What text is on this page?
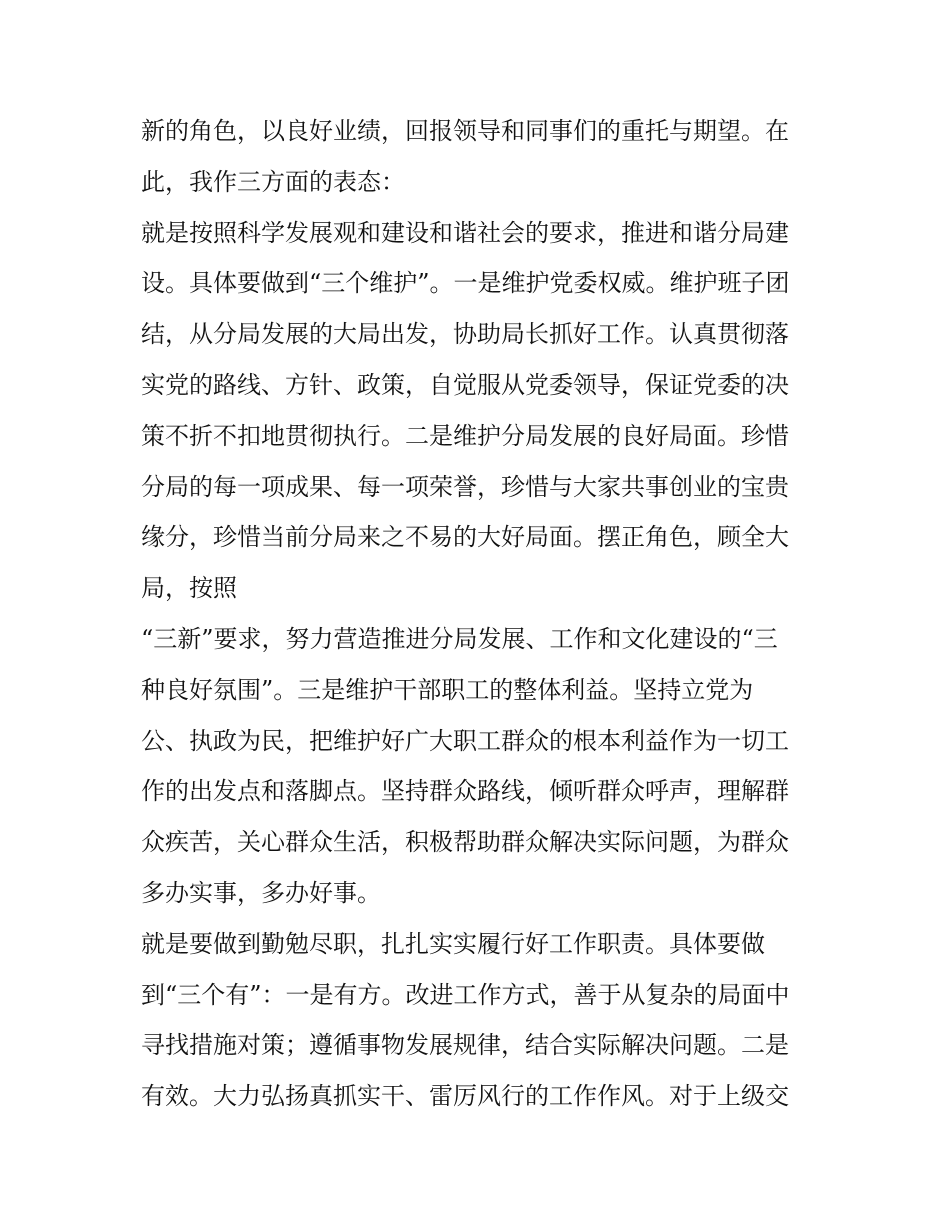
新的角色，以良好业绩，回报领导和同事们的重托与期望。在
此，我作三方面的表态：
就是按照科学发展观和建设和谐社会的要求，推进和谐分局建
设。具体要做到“三个维护”。一是维护党委权威。维护班子团
结，从分局发展的大局出发，协助局长抓好工作。认真贯彻落
实党的路线、方针、政策，自觉服从党委领导，保证党委的决
策不折不扣地贯彻执行。二是维护分局发展的良好局面。珍惜
分局的每一项成果、每一项荣誉，珍惜与大家共事创业的宝贵
缘分，珍惜当前分局来之不易的大好局面。摆正角色，顾全大
局，按照
“三新”要求，努力营造推进分局发展、工作和文化建设的“三
种良好氛围”。三是维护干部职工的整体利益。坚持立党为
公、执政为民，把维护好广大职工群众的根本利益作为一切工
作的出发点和落脚点。坚持群众路线，倾听群众呼声，理解群
众疾苦，关心群众生活，积极帮助群众解决实际问题，为群众
多办实事，多办好事。
就是要做到勤勉尽职，扎扎实实履行好工作职责。具体要做
到“三个有”：一是有方。改进工作方式，善于从复杂的局面中
寻找措施对策；遵循事物发展规律，结合实际解决问题。二是
有效。大力弘扬真抓实干、雷厉风行的工作作风。对于上级交
